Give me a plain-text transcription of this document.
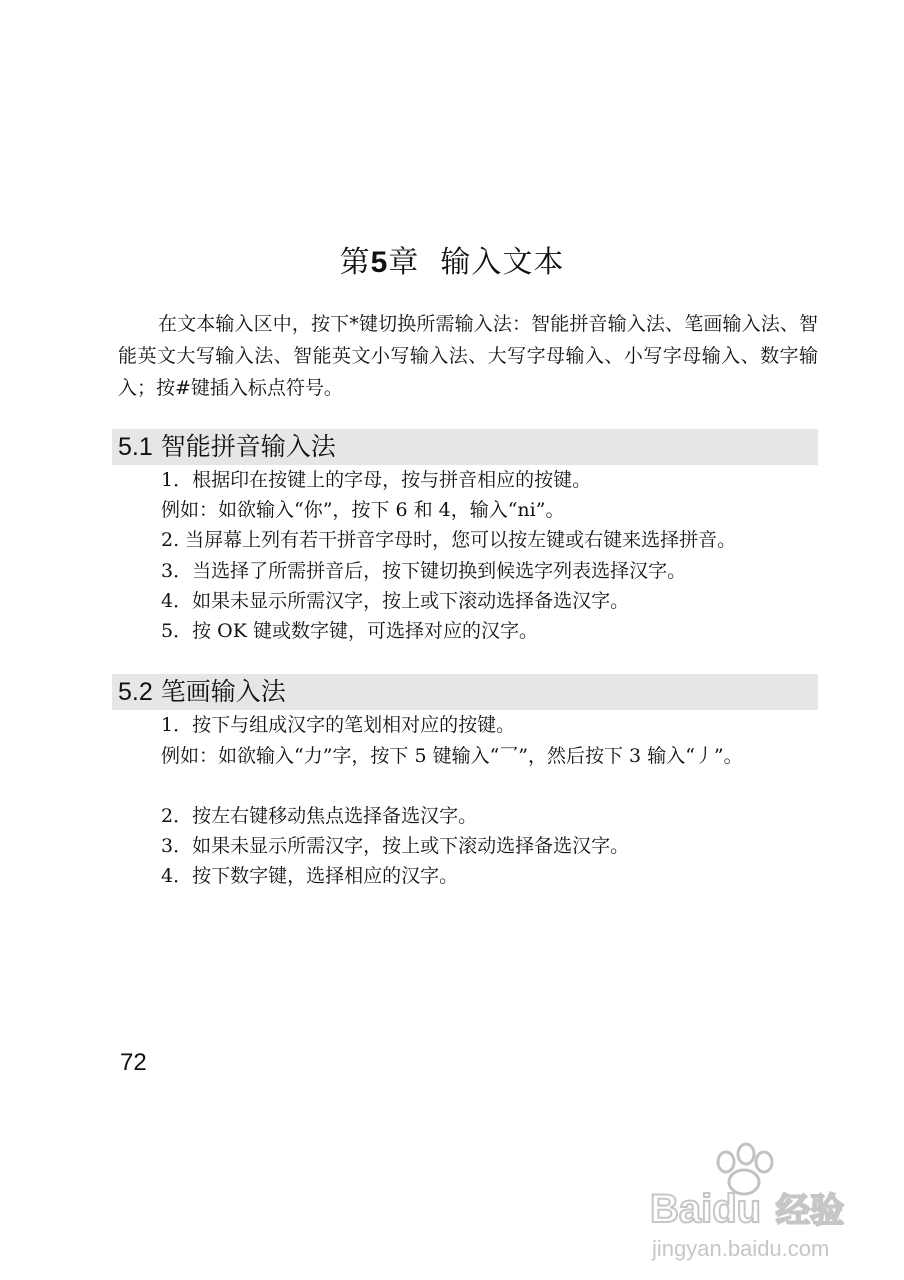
第5章 输入文本

在文本输入区中，按下*键切换所需输入法：智能拼音输入法、笔画输入法、智能英文大写输入法、智能英文小写输入法、大写字母输入、小写字母输入、数字输入；按#键插入标点符号。

5.1 智能拼音输入法
1．根据印在按键上的字母，按与拼音相应的按键。
例如：如欲输入“你”，按下 6 和 4，输入“ni”。
2. 当屏幕上列有若干拼音字母时，您可以按左键或右键来选择拼音。
3．当选择了所需拼音后，按下键切换到候选字列表选择汉字。
4．如果未显示所需汉字，按上或下滚动选择备选汉字。
5．按 OK 键或数字键，可选择对应的汉字。
5.2 笔画输入法
1．按下与组成汉字的笔划相对应的按键。
例如：如欲输入“力”字，按下 5 键输入“乛”，然后按下 3 输入“丿”。
2．按左右键移动焦点选择备选汉字。
3．如果未显示所需汉字，按上或下滚动选择备选汉字。
4．按下数字键，选择相应的汉字。
72
Baidu 经验
jingyan.baidu.com
